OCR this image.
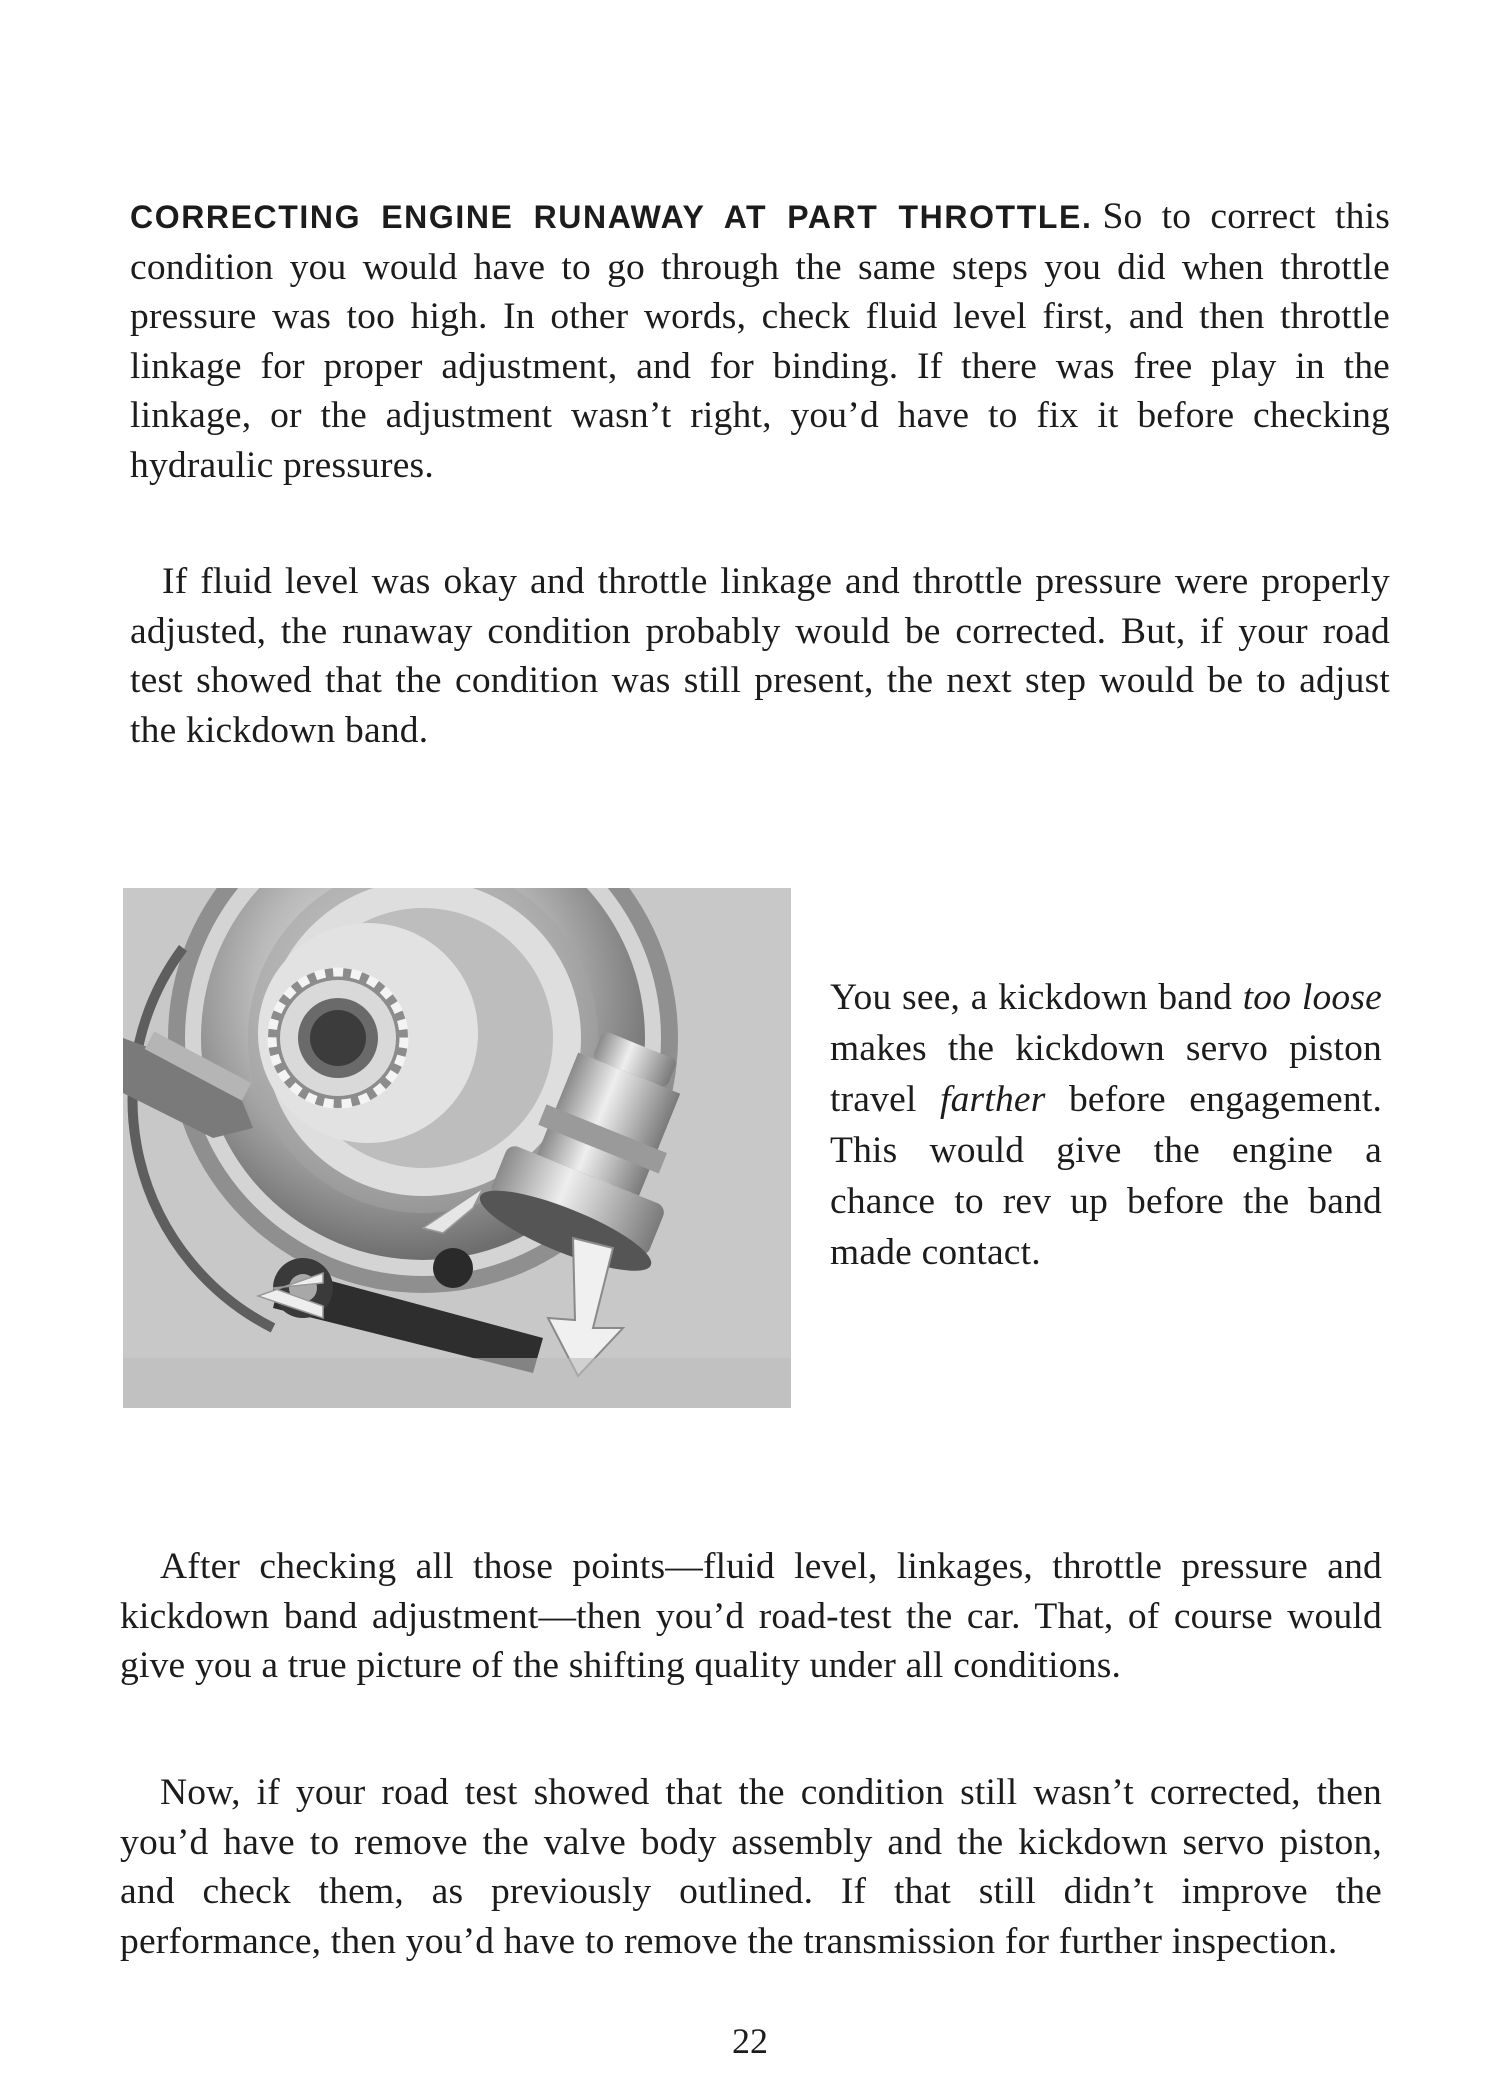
CORRECTING ENGINE RUNAWAY AT PART THROTTLE. So to correct this condition you would have to go through the same steps you did when throttle pressure was too high. In other words, check fluid level first, and then throttle linkage for proper adjustment, and for binding. If there was free play in the linkage, or the adjustment wasn’t right, you’d have to fix it before checking hydraulic pressures.

If fluid level was okay and throttle linkage and throttle pressure were properly adjusted, the runaway condition probably would be corrected. But, if your road test showed that the condition was still present, the next step would be to adjust the kickdown band.

You see, a kickdown band too loose makes the kickdown servo piston travel farther before engagement. This would give the engine a chance to rev up before the band made contact.

After checking all those points—fluid level, linkages, throttle pressure and kickdown band adjustment—then you’d road-test the car. That, of course would give you a true picture of the shifting quality under all conditions.

Now, if your road test showed that the condition still wasn’t corrected, then you’d have to remove the valve body assembly and the kickdown servo piston, and check them, as previously outlined. If that still didn’t improve the performance, then you’d have to remove the transmission for further inspection.

22
